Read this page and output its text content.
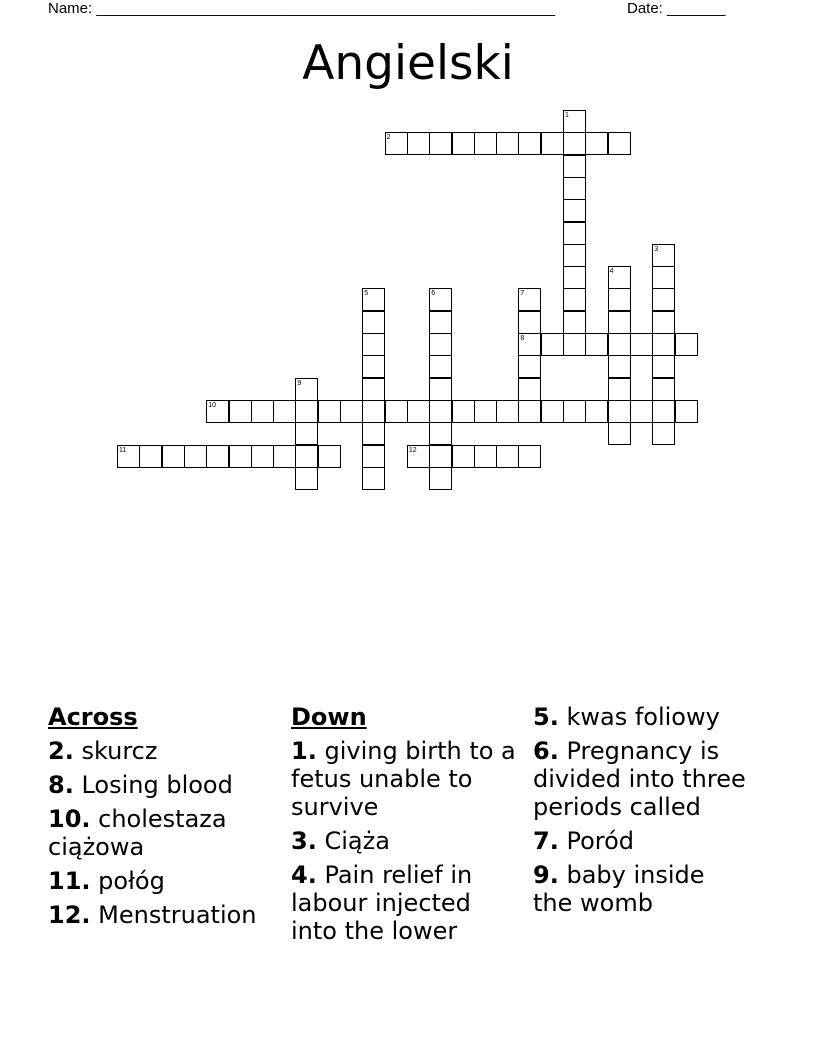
Name: _______________________________________________________	Date: _______
Angielski
1
2
3
4
5	6	7
8
9
10
11	12
Across
2. skurcz
8. Losing blood
10. cholestaza ciążowa
11. połóg
12. Menstruation
Down
1. giving birth to a fetus unable to survive
3. Ciąża
4. Pain relief in labour injected into the lower
5. kwas foliowy
6. Pregnancy is divided into three periods called
7. Poród
9. baby inside the womb
